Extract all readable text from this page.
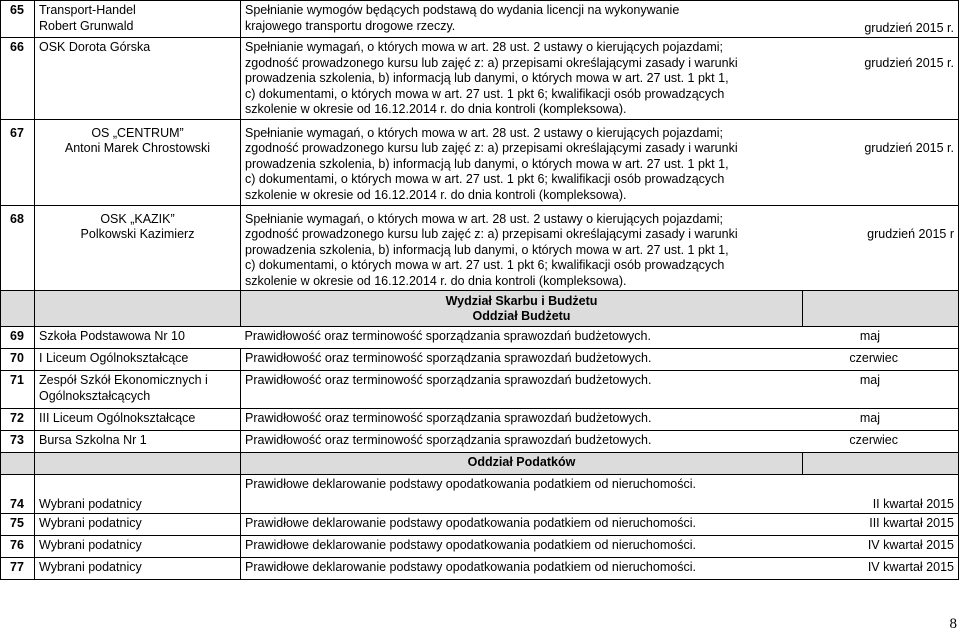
65	Transport-Handel
Robert Grunwald	Spełnianie wymogów będących podstawą do wydania licencji na wykonywanie
krajowego transportu drogowe rzeczy.	grudzień 2015 r.
66	OSK Dorota Górska	Spełnianie wymagań, o których mowa w art. 28 ust. 2 ustawy o kierujących pojazdami;
zgodność prowadzonego kursu lub zajęć z: a) przepisami określającymi zasady i warunki
prowadzenia szkolenia, b) informacją lub danymi, o których mowa w art. 27 ust. 1 pkt 1,
c) dokumentami, o których mowa w art. 27 ust. 1 pkt 6; kwalifikacji osób prowadzących
szkolenie w okresie od 16.12.2014 r. do dnia kontroli (kompleksowa).	grudzień 2015 r.
67	OS „CENTRUM”
Antoni Marek Chrostowski	Spełnianie wymagań, o których mowa w art. 28 ust. 2 ustawy o kierujących pojazdami;
zgodność prowadzonego kursu lub zajęć z: a) przepisami określającymi zasady i warunki
prowadzenia szkolenia, b) informacją lub danymi, o których mowa w art. 27 ust. 1 pkt 1,
c) dokumentami, o których mowa w art. 27 ust. 1 pkt 6; kwalifikacji osób prowadzących
szkolenie w okresie od 16.12.2014 r. do dnia kontroli (kompleksowa).	grudzień 2015 r.
68	OSK „KAZIK”
Polkowski Kazimierz	Spełnianie wymagań, o których mowa w art. 28 ust. 2 ustawy o kierujących pojazdami;
zgodność prowadzonego kursu lub zajęć z: a) przepisami określającymi zasady i warunki
prowadzenia szkolenia, b) informacją lub danymi, o których mowa w art. 27 ust. 1 pkt 1,
c) dokumentami, o których mowa w art. 27 ust. 1 pkt 6; kwalifikacji osób prowadzących
szkolenie w okresie od 16.12.2014 r. do dnia kontroli (kompleksowa).	grudzień 2015 r

		Wydział Skarbu i Budżetu
Oddział Budżetu	

69	Szkoła Podstawowa Nr 10	Prawidłowość oraz terminowość sporządzania sprawozdań budżetowych.	maj
70	I Liceum Ogólnokształcące	Prawidłowość oraz terminowość sporządzania sprawozdań budżetowych.	czerwiec
71	Zespół Szkół Ekonomicznych i
Ogólnokształcących	Prawidłowość oraz terminowość sporządzania sprawozdań budżetowych.	maj
72	III Liceum Ogólnokształcące	Prawidłowość oraz terminowość sporządzania sprawozdań budżetowych.	maj
73	Bursa Szkolna Nr 1	Prawidłowość oraz terminowość sporządzania sprawozdań budżetowych.	czerwiec
		Oddział Podatków	
74	Wybrani podatnicy	Prawidłowe deklarowanie podstawy opodatkowania podatkiem od nieruchomości.	II kwartał 2015
75	Wybrani podatnicy	Prawidłowe deklarowanie podstawy opodatkowania podatkiem od nieruchomości.	III kwartał 2015
76	Wybrani podatnicy	Prawidłowe deklarowanie podstawy opodatkowania podatkiem od nieruchomości.	IV kwartał 2015
77	Wybrani podatnicy	Prawidłowe deklarowanie podstawy opodatkowania podatkiem od nieruchomości.	IV kwartał 2015
8
